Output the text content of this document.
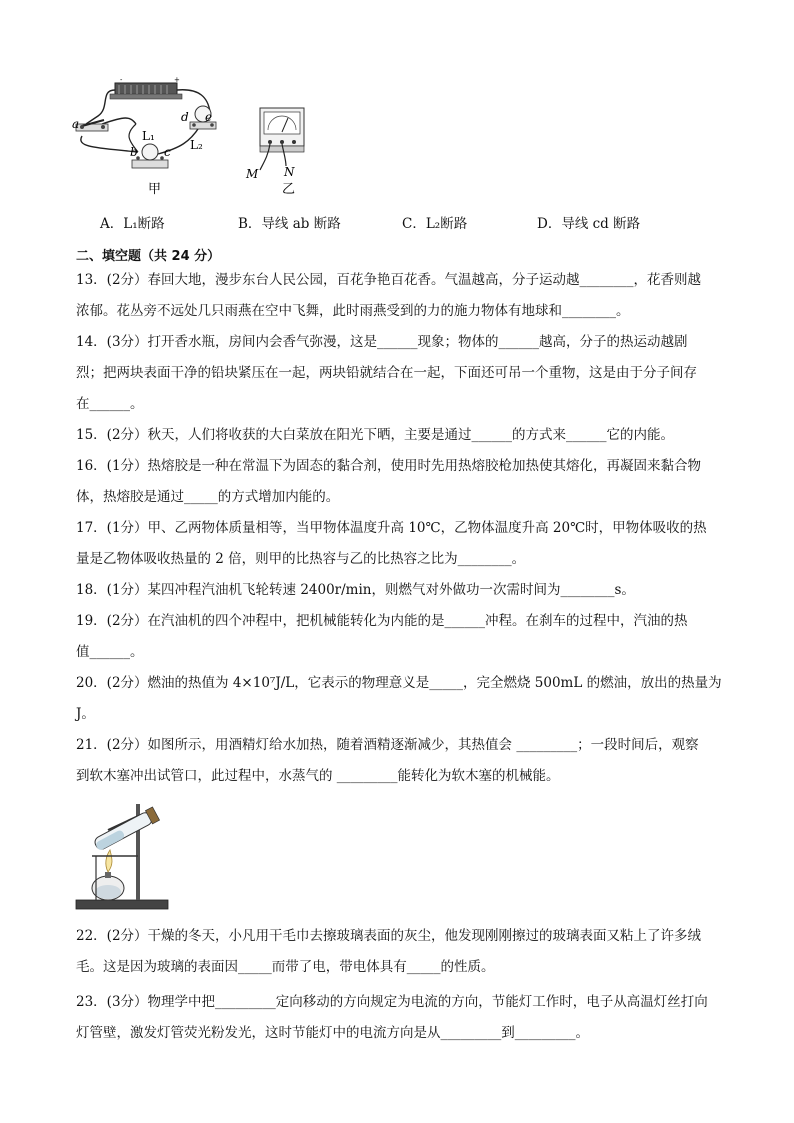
-	+
a
b c
d e
L₁
L₂
甲
M N
乙
A．L₁断路	B．导线 ab 断路	C．L₂断路	D．导线 cd 断路
二、填空题（共 24 分）
13．(2分）春回大地，漫步东台人民公园，百花争艳百花香。气温越高，分子运动越________，花香则越
浓郁。花丛旁不远处几只雨燕在空中飞舞，此时雨燕受到的力的施力物体有地球和________。
14．(3分）打开香水瓶，房间内会香气弥漫，这是______现象；物体的______越高，分子的热运动越剧
烈；把两块表面干净的铅块紧压在一起，两块铅就结合在一起，下面还可吊一个重物，这是由于分子间存
在______。
15．(2分）秋天，人们将收获的大白菜放在阳光下晒，主要是通过______的方式来______它的内能。
16．(1分）热熔胶是一种在常温下为固态的黏合剂，使用时先用热熔胶枪加热使其熔化，再凝固来黏合物
体，热熔胶是通过_____的方式增加内能的。
17．(1分）甲、乙两物体质量相等，当甲物体温度升高 10℃，乙物体温度升高 20℃时，甲物体吸收的热
量是乙物体吸收热量的 2 倍，则甲的比热容与乙的比热容之比为________。
18．(1分）某四冲程汽油机飞轮转速 2400r/min，则燃气对外做功一次需时间为________s。
19．(2分）在汽油机的四个冲程中，把机械能转化为内能的是______冲程。在刹车的过程中，汽油的热
值______。
20．(2分）燃油的热值为 4×10⁷J/L，它表示的物理意义是_____，完全燃烧 500mL 的燃油，放出的热量为
J。
21．(2分）如图所示，用酒精灯给水加热，随着酒精逐渐减少，其热值会 _________；一段时间后，观察
到软木塞冲出试管口，此过程中，水蒸气的 _________能转化为软木塞的机械能。
22．(2分）干燥的冬天，小凡用干毛巾去擦玻璃表面的灰尘，他发现刚刚擦过的玻璃表面又粘上了许多绒
毛。这是因为玻璃的表面因_____而带了电，带电体具有_____的性质。
23．(3分）物理学中把_________定向移动的方向规定为电流的方向，节能灯工作时，电子从高温灯丝打向
灯管壁，激发灯管荧光粉发光，这时节能灯中的电流方向是从_________到_________。
